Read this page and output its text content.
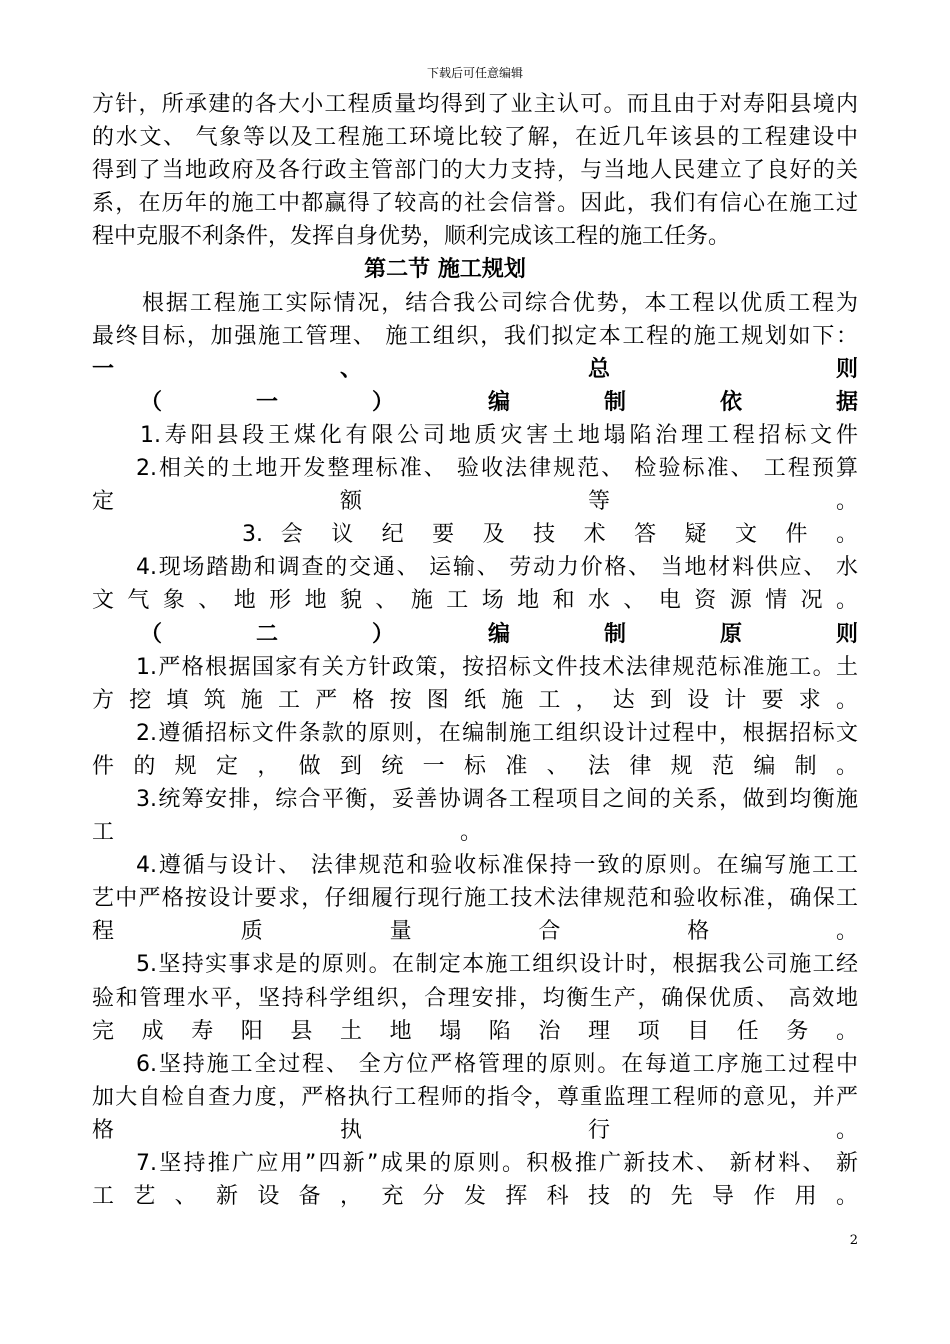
下载后可任意编辑
方针，所承建的各大小工程质量均得到了业主认可。而且由于对寿阳县境内
的水文、 气象等以及工程施工环境比较了解，在近几年该县的工程建设中
得到了当地政府及各行政主管部门的大力支持，与当地人民建立了良好的关
系，在历年的施工中都赢得了较高的社会信誉。因此，我们有信心在施工过
程中克服不利条件，发挥自身优势，顺利完成该工程的施工任务。
第二节 施工规划
根据工程施工实际情况，结合我公司综合优势，本工程以优质工程为
最终目标，加强施工管理、 施工组织，我们拟定本工程的施工规划如下：
一 、 总 则
（ 一 ） 编 制 依 据
1.寿阳县段王煤化有限公司地质灾害土地塌陷治理工程招标文件
2.相关的土地开发整理标准、 验收法律规范、 检验标准、 工程预算
定 额 等 。
3. 会 议 纪 要 及 技 术 答 疑 文 件 。
4.现场踏勘和调查的交通、 运输、 劳动力价格、 当地材料供应、 水
文 气 象 、 地 形 地 貌 、 施 工 场 地 和 水 、 电 资 源 情 况 。
（ 二 ） 编 制 原 则
1.严格根据国家有关方针政策，按招标文件技术法律规范标准施工。土
方 挖 填 筑 施 工 严 格 按 图 纸 施 工 ， 达 到 设 计 要 求 。
2.遵循招标文件条款的原则，在编制施工组织设计过程中，根据招标文
件 的 规 定 ， 做 到 统 一 标 准 、 法 律 规 范 编 制 。
3.统筹安排，综合平衡，妥善协调各工程项目之间的关系，做到均衡施
工 。
4.遵循与设计、 法律规范和验收标准保持一致的原则。在编写施工工
艺中严格按设计要求，仔细履行现行施工技术法律规范和验收标准，确保工
程 质 量 合 格 。
5.坚持实事求是的原则。在制定本施工组织设计时，根据我公司施工经
验和管理水平，坚持科学组织，合理安排，均衡生产，确保优质、 高效地
完 成 寿 阳 县 土 地 塌 陷 治 理 项 目 任 务 。
6.坚持施工全过程、 全方位严格管理的原则。在每道工序施工过程中
加大自检自查力度，严格执行工程师的指令，尊重监理工程师的意见，并严
格 执 行 。
7.坚持推广应用”四新”成果的原则。积极推广新技术、 新材料、 新
工 艺 、 新 设 备 ， 充 分 发 挥 科 技 的 先 导 作 用 。
2
